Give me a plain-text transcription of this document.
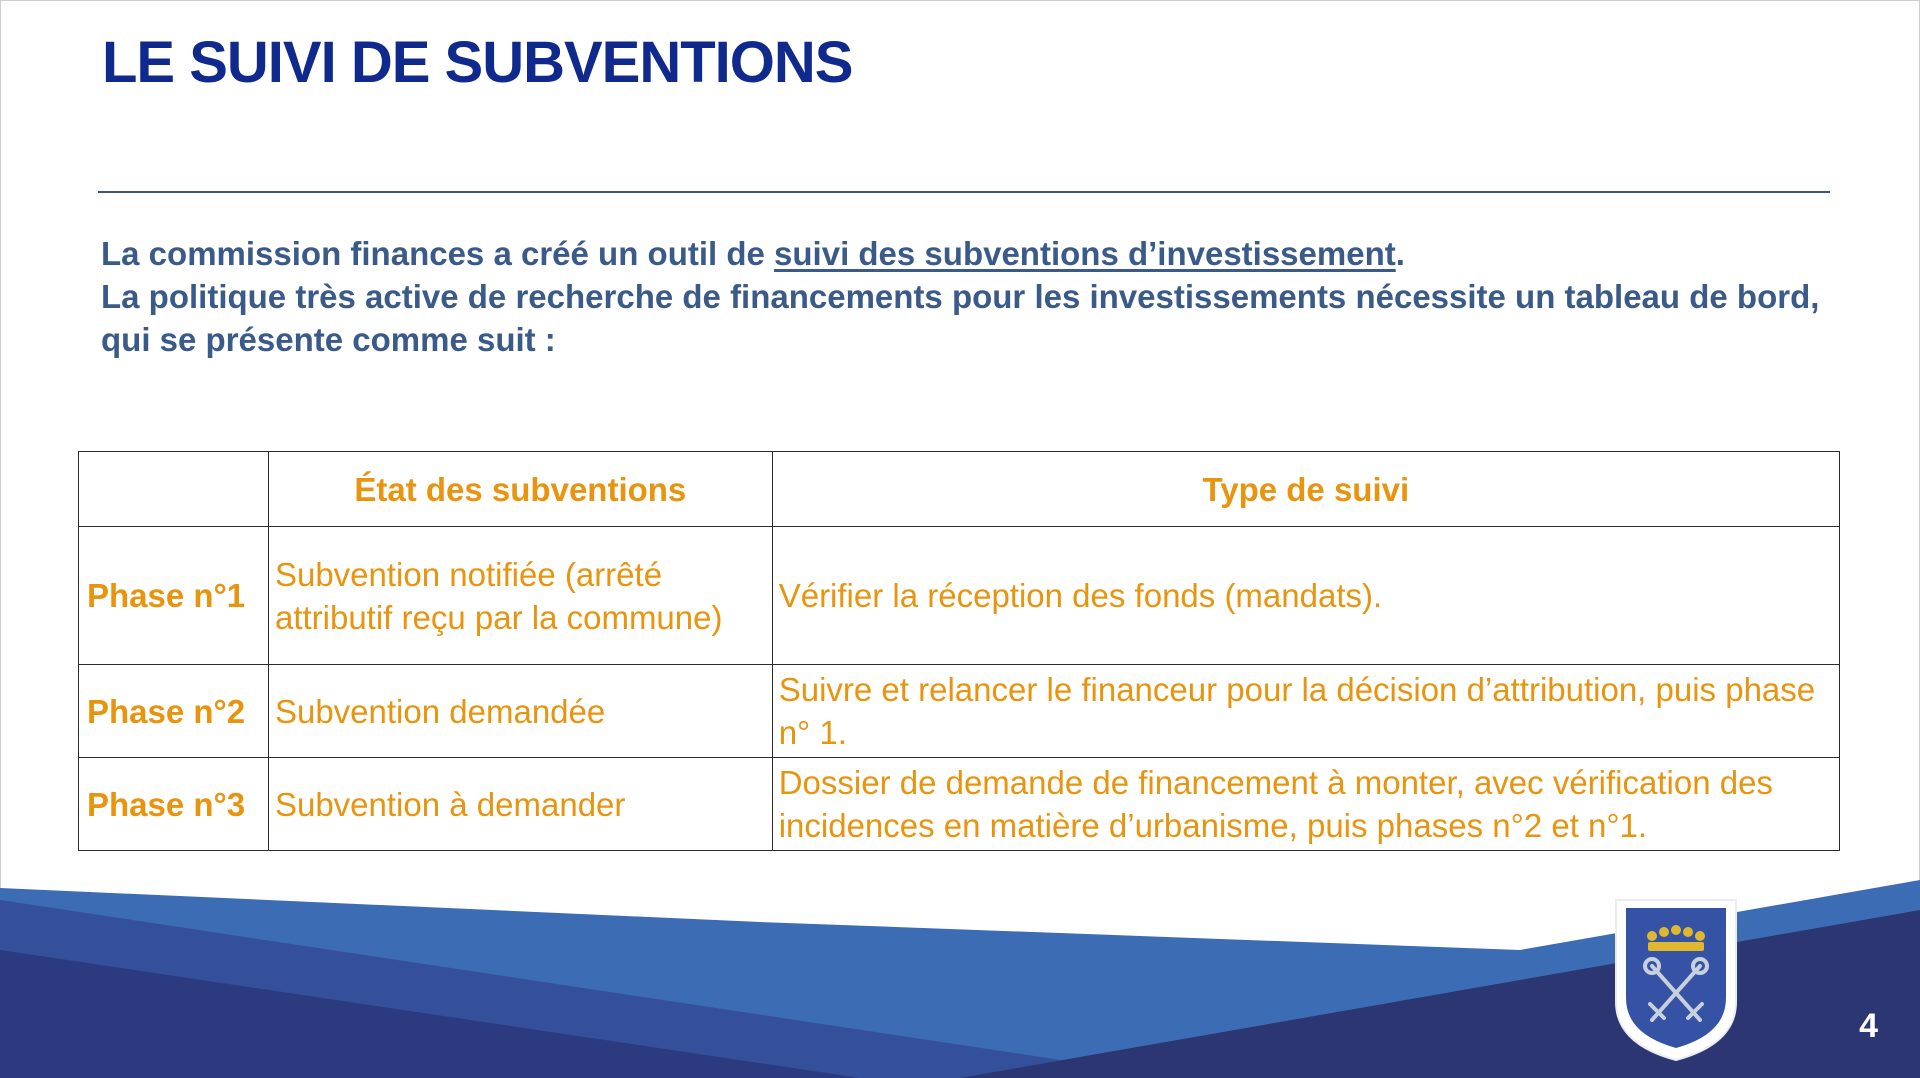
LE SUIVI DE SUBVENTIONS

La commission finances a créé un outil de suivi des subventions d’investissement.

La politique très active de recherche de financements pour les investissements nécessite un tableau de bord, qui se présente comme suit :

	État des subventions	Type de suivi
Phase n°1	Subvention notifiée (arrêté attributif reçu par la commune)	Vérifier la réception des fonds (mandats).
Phase n°2	Subvention demandée	Suivre et relancer le financeur pour la décision d’attribution, puis phase n° 1.
Phase n°3	Subvention à demander	Dossier de demande de financement à monter, avec vérification des incidences en matière d’urbanisme, puis phases n°2 et n°1.
4
